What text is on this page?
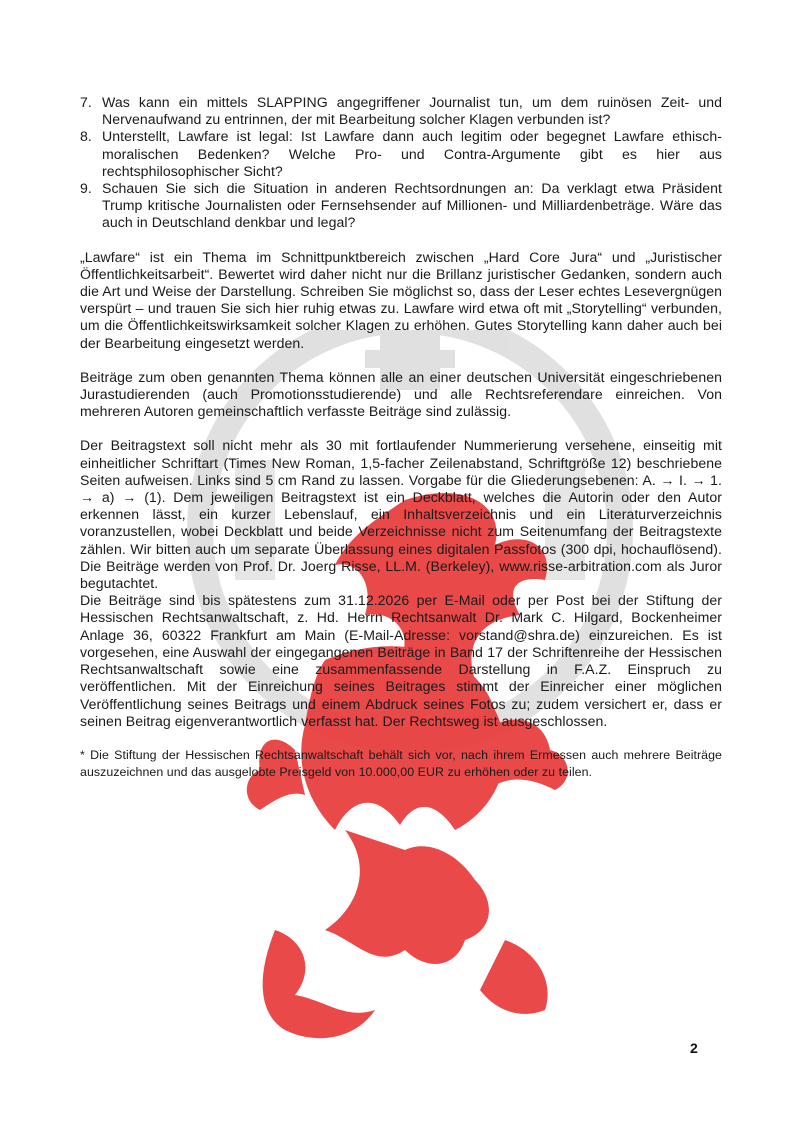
7. Was kann ein mittels SLAPPING angegriffener Journalist tun, um dem ruinösen Zeit- und Nervenaufwand zu entrinnen, der mit Bearbeitung solcher Klagen verbunden ist?
8. Unterstellt, Lawfare ist legal: Ist Lawfare dann auch legitim oder begegnet Lawfare ethisch-moralischen Bedenken? Welche Pro- und Contra-Argumente gibt es hier aus rechtsphilosophischer Sicht?
9. Schauen Sie sich die Situation in anderen Rechtsordnungen an: Da verklagt etwa Präsident Trump kritische Journalisten oder Fernsehsender auf Millionen- und Milliardenbeträge. Wäre das auch in Deutschland denkbar und legal?

„Lawfare“ ist ein Thema im Schnittpunktbereich zwischen „Hard Core Jura“ und „Juristischer Öffentlichkeitsarbeit“. Bewertet wird daher nicht nur die Brillanz juristischer Gedanken, sondern auch die Art und Weise der Darstellung. Schreiben Sie möglichst so, dass der Leser echtes Lesevergnügen verspürt – und trauen Sie sich hier ruhig etwas zu. Lawfare wird etwa oft mit „Storytelling“ verbunden, um die Öffentlichkeitswirksamkeit solcher Klagen zu erhöhen. Gutes Storytelling kann daher auch bei der Bearbeitung eingesetzt werden.

Beiträge zum oben genannten Thema können alle an einer deutschen Universität eingeschriebenen Jurastudierenden (auch Promotionsstudierende) und alle Rechtsreferendare einreichen. Von mehreren Autoren gemeinschaftlich verfasste Beiträge sind zulässig.

Der Beitragstext soll nicht mehr als 30 mit fortlaufender Nummerierung versehene, einseitig mit einheitlicher Schriftart (Times New Roman, 1,5-facher Zeilenabstand, Schriftgröße 12) beschriebene Seiten aufweisen. Links sind 5 cm Rand zu lassen. Vorgabe für die Gliederungsebenen: A. → I. → 1. → a) → (1). Dem jeweiligen Beitragstext ist ein Deckblatt, welches die Autorin oder den Autor erkennen lässt, ein kurzer Lebenslauf, ein Inhaltsverzeichnis und ein Literaturverzeichnis voranzustellen, wobei Deckblatt und beide Verzeichnisse nicht zum Seitenumfang der Beitragstexte zählen. Wir bitten auch um separate Überlassung eines digitalen Passfotos (300 dpi, hochauflösend). Die Beiträge werden von Prof. Dr. Joerg Risse, LL.M. (Berkeley), www.risse-arbitration.com als Juror begutachtet.

Die Beiträge sind bis spätestens zum 31.12.2026 per E-Mail oder per Post bei der Stiftung der Hessischen Rechtsanwaltschaft, z. Hd. Herrn Rechtsanwalt Dr. Mark C. Hilgard, Bockenheimer Anlage 36, 60322 Frankfurt am Main (E-Mail-Adresse: vorstand@shra.de) einzureichen. Es ist vorgesehen, eine Auswahl der eingegangenen Beiträge in Band 17 der Schriftenreihe der Hessischen Rechtsanwaltschaft sowie eine zusammenfassende Darstellung in F.A.Z. Einspruch zu veröffentlichen. Mit der Einreichung seines Beitrages stimmt der Einreicher einer möglichen Veröffentlichung seines Beitrags und einem Abdruck seines Fotos zu; zudem versichert er, dass er seinen Beitrag eigenverantwortlich verfasst hat. Der Rechtsweg ist ausgeschlossen.

* Die Stiftung der Hessischen Rechtsanwaltschaft behält sich vor, nach ihrem Ermessen auch mehrere Beiträge auszuzeichnen und das ausgelobte Preisgeld von 10.000,00 EUR zu erhöhen oder zu teilen.

2
